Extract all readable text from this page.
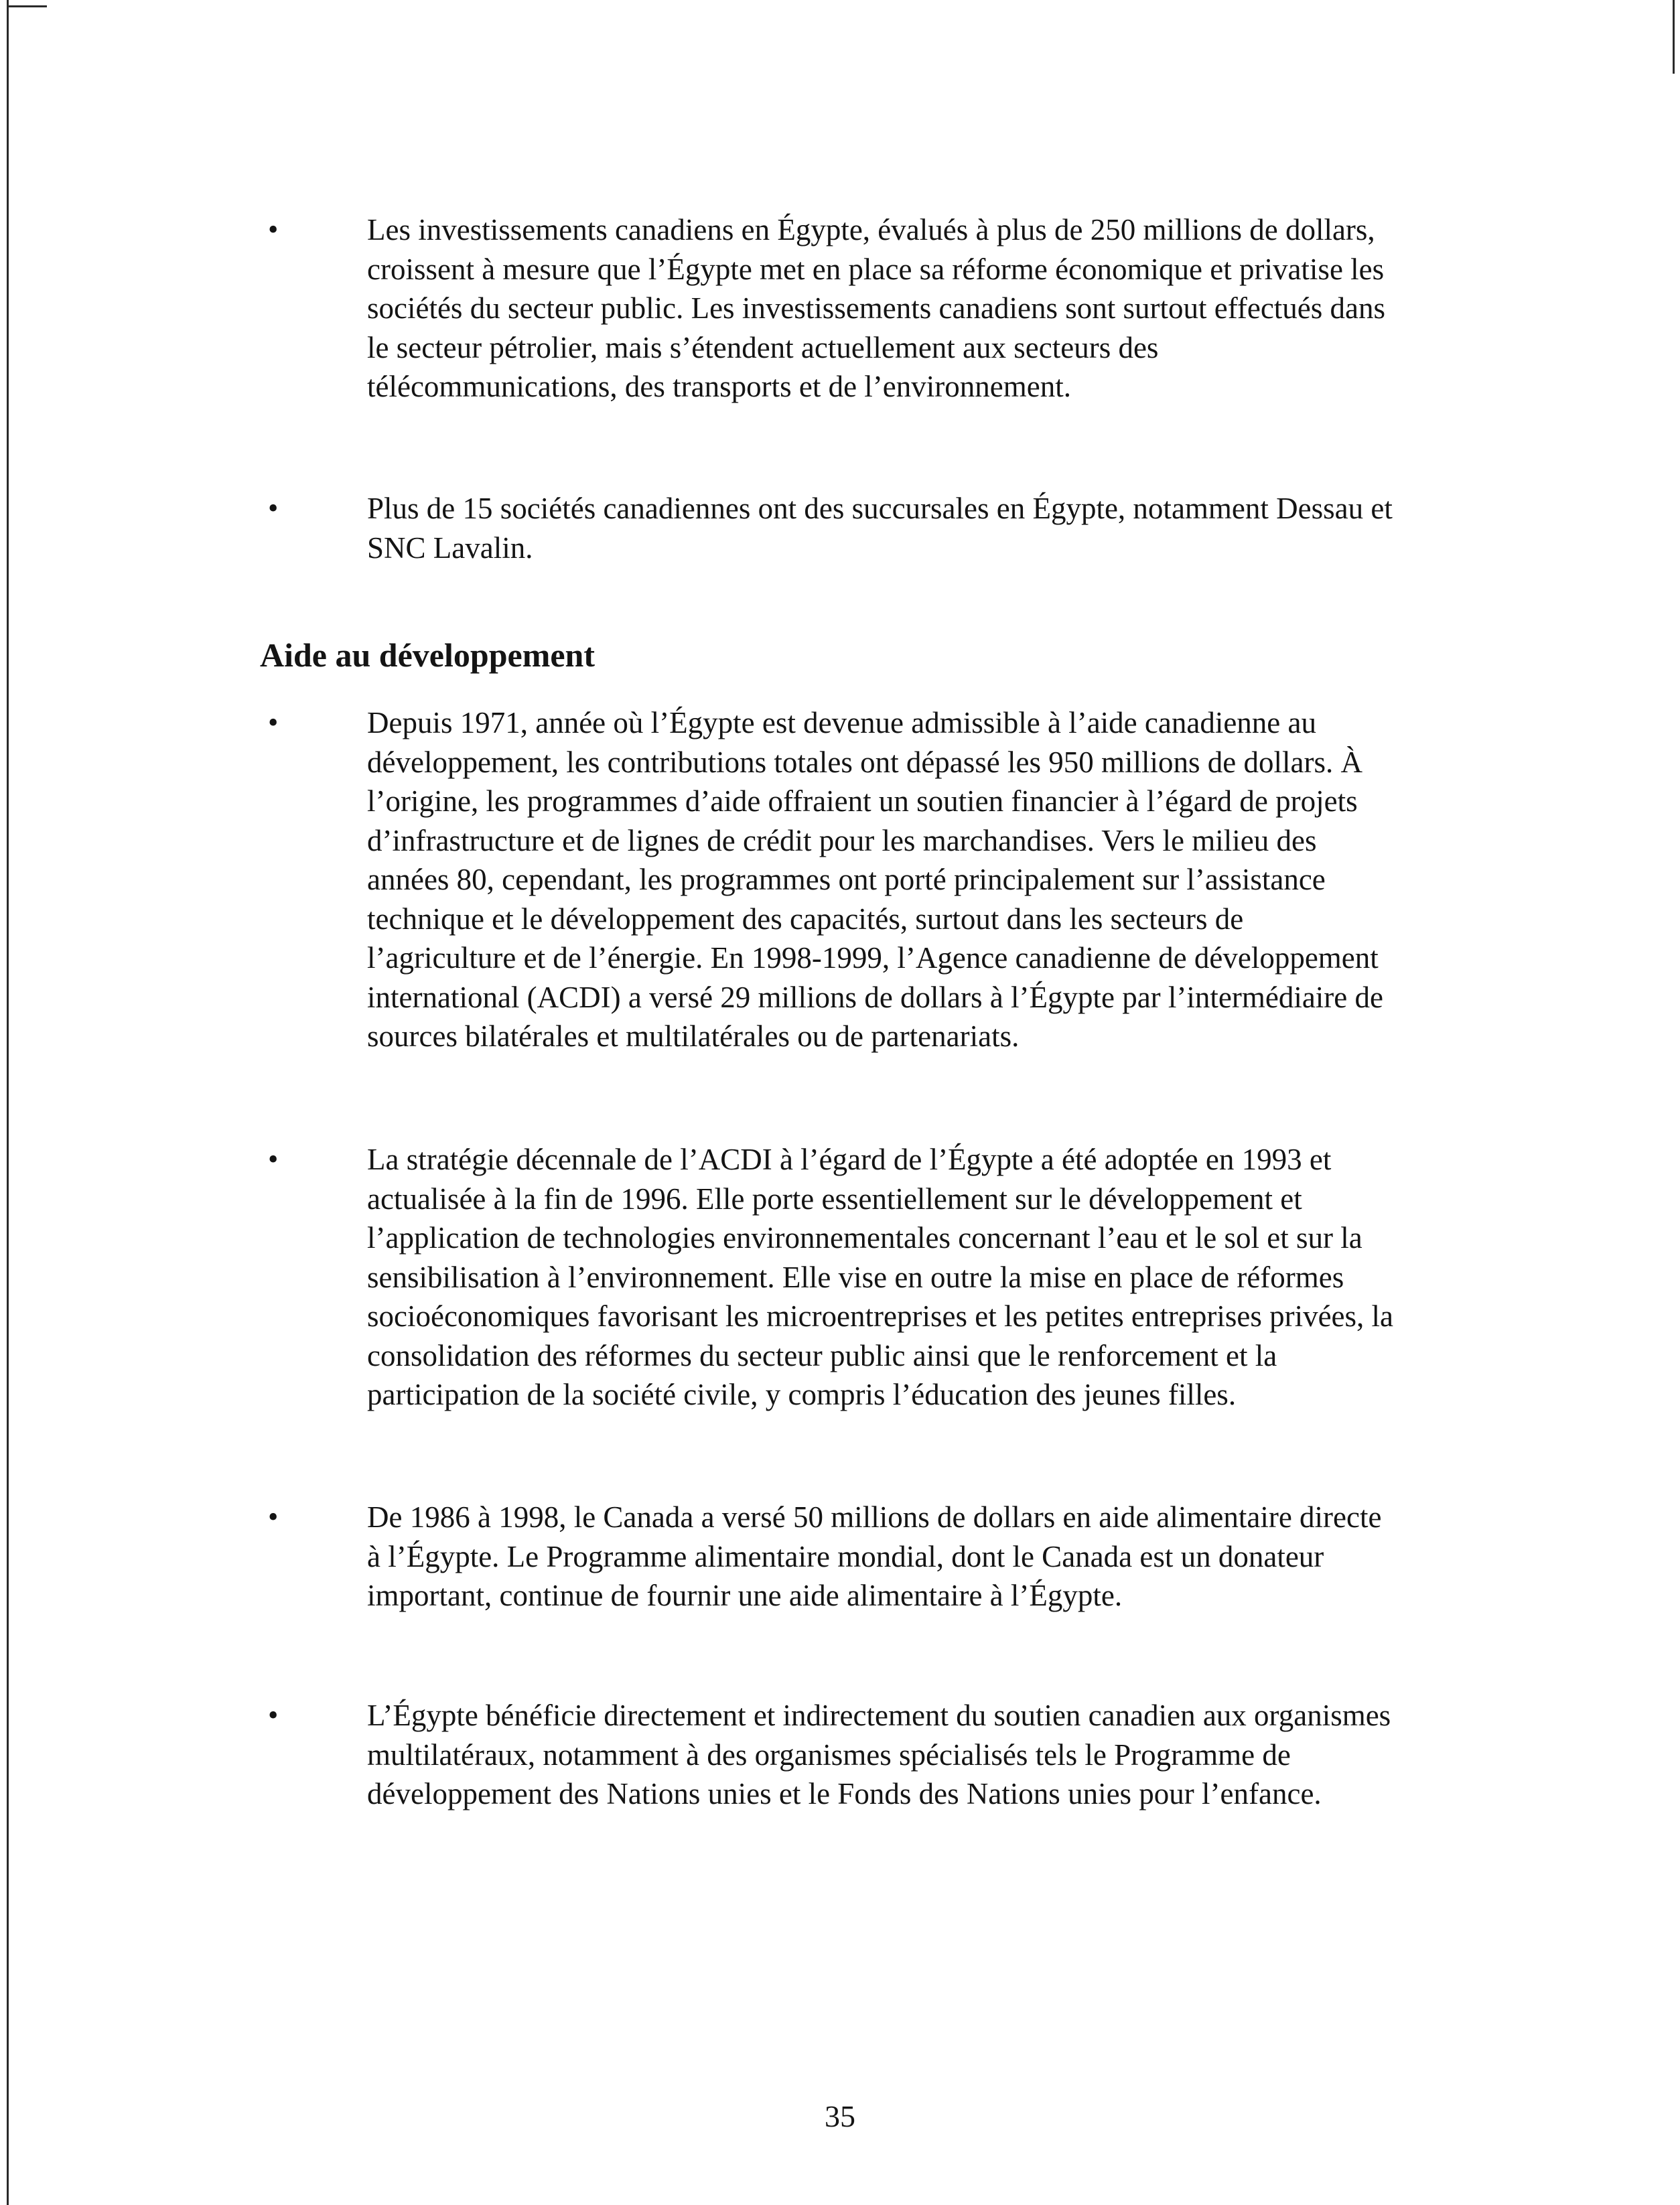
•	Les investissements canadiens en Égypte, évalués à plus de 250 millions de dollars, croissent à mesure que l’Égypte met en place sa réforme économique et privatise les sociétés du secteur public. Les investissements canadiens sont surtout effectués dans le secteur pétrolier, mais s’étendent actuellement aux secteurs des télécommunications, des transports et de l’environnement.

•	Plus de 15 sociétés canadiennes ont des succursales en Égypte, notamment Dessau et SNC Lavalin.

Aide au développement
•	Depuis 1971, année où l’Égypte est devenue admissible à l’aide canadienne au développement, les contributions totales ont dépassé les 950 millions de dollars. À l’origine, les programmes d’aide offraient un soutien financier à l’égard de projets d’infrastructure et de lignes de crédit pour les marchandises. Vers le milieu des années 80, cependant, les programmes ont porté principalement sur l’assistance technique et le développement des capacités, surtout dans les secteurs de l’agriculture et de l’énergie. En 1998-1999, l’Agence canadienne de développement international (ACDI) a versé 29 millions de dollars à l’Égypte par l’intermédiaire de sources bilatérales et multilatérales ou de partenariats.

•	La stratégie décennale de l’ACDI à l’égard de l’Égypte a été adoptée en 1993 et actualisée à la fin de 1996. Elle porte essentiellement sur le développement et l’application de technologies environnementales concernant l’eau et le sol et sur la sensibilisation à l’environnement. Elle vise en outre la mise en place de réformes socioéconomiques favorisant les microentreprises et les petites entreprises privées, la consolidation des réformes du secteur public ainsi que le renforcement et la participation de la société civile, y compris l’éducation des jeunes filles.

•	De 1986 à 1998, le Canada a versé 50 millions de dollars en aide alimentaire directe à l’Égypte. Le Programme alimentaire mondial, dont le Canada est un donateur important, continue de fournir une aide alimentaire à l’Égypte.

•	L’Égypte bénéficie directement et indirectement du soutien canadien aux organismes multilatéraux, notamment à des organismes spécialisés tels le Programme de développement des Nations unies et le Fonds des Nations unies pour l’enfance.

35
